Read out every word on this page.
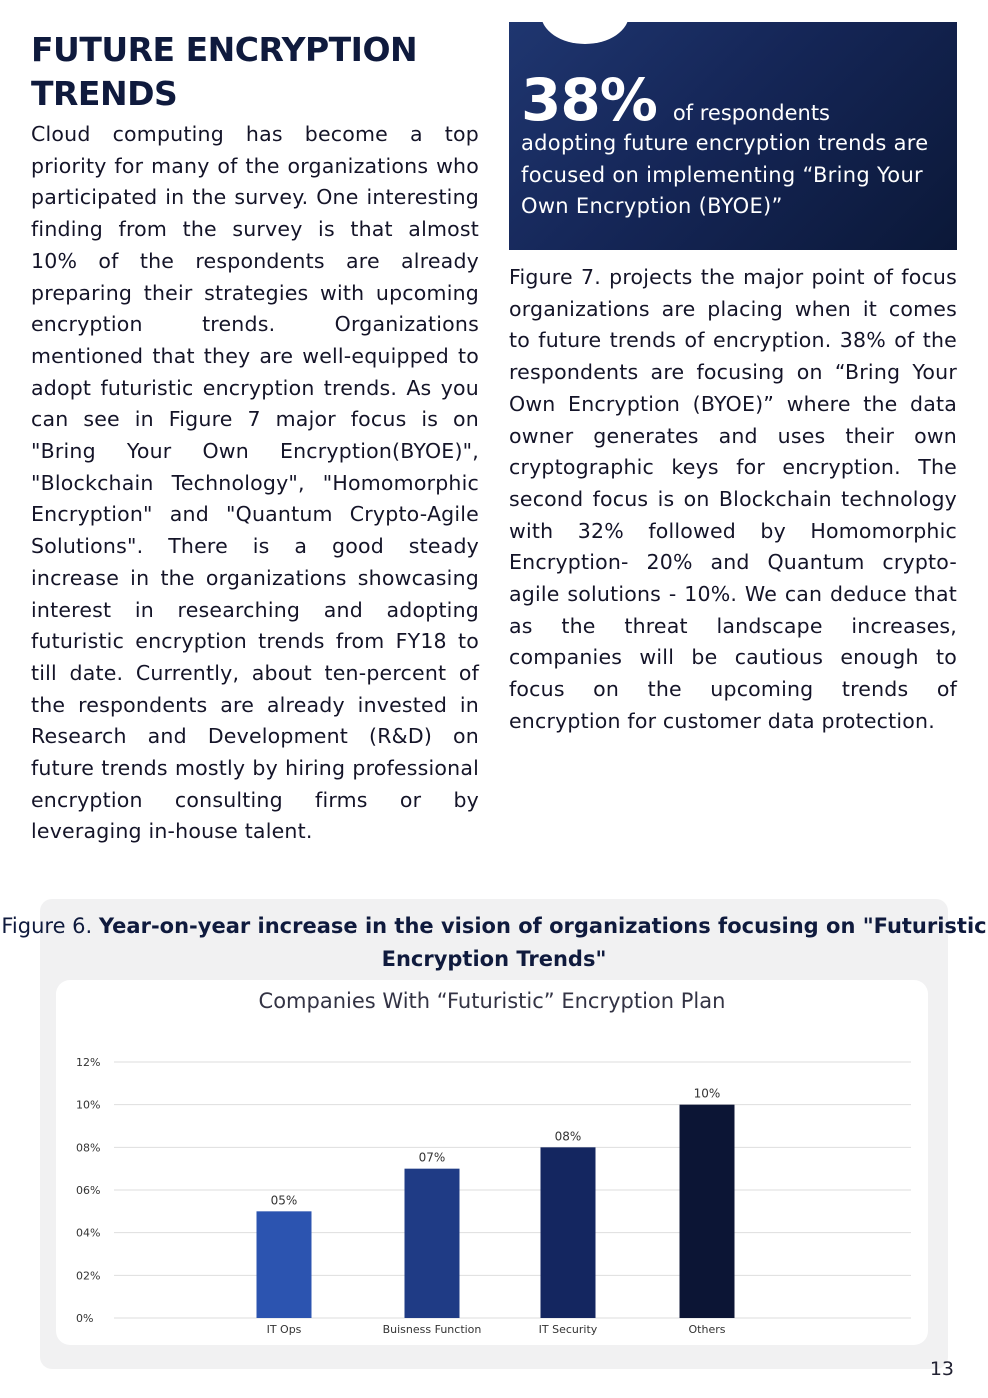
FUTURE ENCRYPTION TRENDS

Cloud computing has become a top priority for many of the organizations who participated in the survey. One interesting finding from the survey is that almost 10% of the respondents are already preparing their strategies with upcoming encryption trends. Organizations mentioned that they are well-equipped to adopt futuristic encryption trends. As you can see in Figure 7 major focus is on "Bring Your Own Encryption(BYOE)", "Blockchain Technology", "Homomorphic Encryption" and "Quantum Crypto-Agile Solutions". There is a good steady increase in the organizations showcasing interest in researching and adopting futuristic encryption trends from FY18 to till date. Currently, about ten-percent of the respondents are already invested in Research and Development (R&D) on future trends mostly by hiring professional encryption consulting firms or by leveraging in-house talent.

38% of respondents

adopting future encryption trends are focused on implementing “Bring Your Own Encryption (BYOE)”

Figure 7. projects the major point of focus organizations are placing when it comes to future trends of encryption. 38% of the respondents are focusing on “Bring Your Own Encryption (BYOE)” where the data owner generates and uses their own cryptographic keys for encryption. The second focus is on Blockchain technology with 32% followed by Homomorphic Encryption- 20% and Quantum crypto-agile solutions - 10%. We can deduce that as the threat landscape increases, companies will be cautious enough to focus on the upcoming trends of encryption for customer data protection.

Figure 6. Year-on-year increase in the vision of organizations focusing on "Futuristic Encryption Trends"
Companies With “Futuristic” Encryption Plan
0%
02%
04%
06%
08%
10%
12%
05%
IT Ops
07%
Buisness Function
08%
IT Security
10%
Others
13
